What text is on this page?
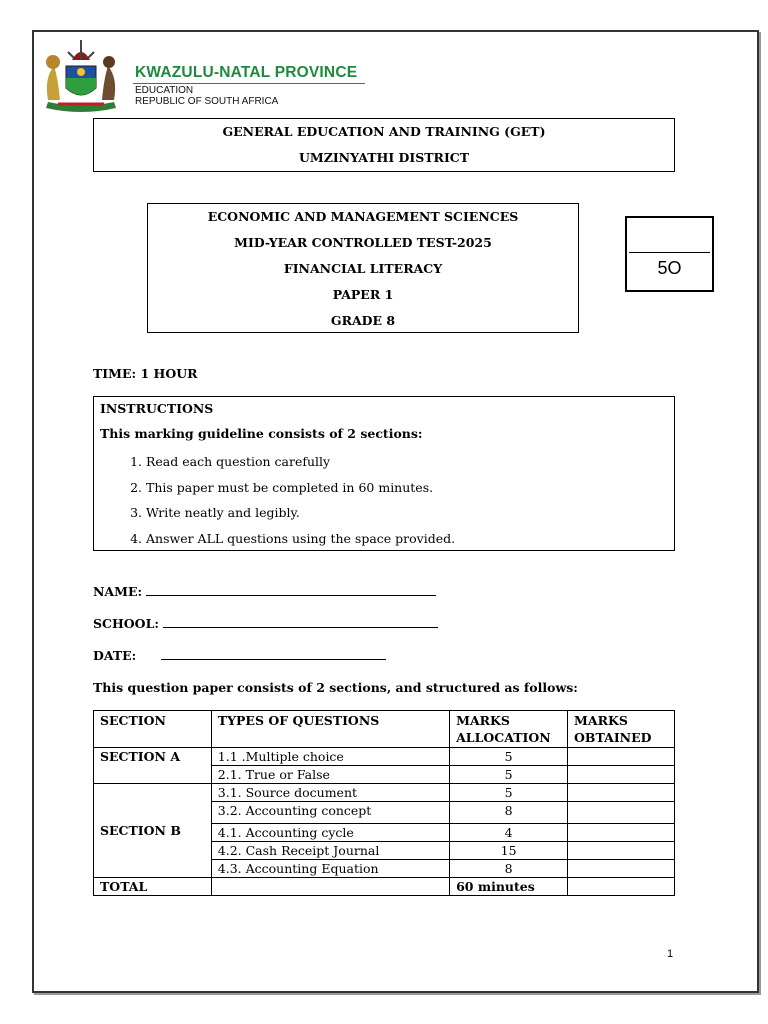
KWAZULU-NATAL PROVINCE
EDUCATION
REPUBLIC OF SOUTH AFRICA
GENERAL EDUCATION AND TRAINING (GET)
UMZINYATHI DISTRICT
ECONOMIC AND MANAGEMENT SCIENCES
MID-YEAR CONTROLLED TEST-2025
FINANCIAL LITERACY
PAPER 1
GRADE 8
5O
TIME: 1 HOUR
INSTRUCTIONS
This marking guideline consists of 2 sections:
1. Read each question carefully
2. This paper must be completed in 60 minutes.
3. Write neatly and legibly.
4. Answer ALL questions using the space provided.
NAME:
SCHOOL:
DATE:
This question paper consists of 2 sections, and structured as follows:
SECTION	TYPES OF QUESTIONS	MARKS ALLOCATION	MARKS OBTAINED
SECTION A	1.1 .Multiple choice	5	
	2.1. True or False	5	
SECTION B	3.1. Source document	5	
	3.2. Accounting concept	8	
	4.1. Accounting cycle	4	
	4.2. Cash Receipt Journal	15	
	4.3. Accounting Equation	8	
TOTAL		60 minutes	
1
